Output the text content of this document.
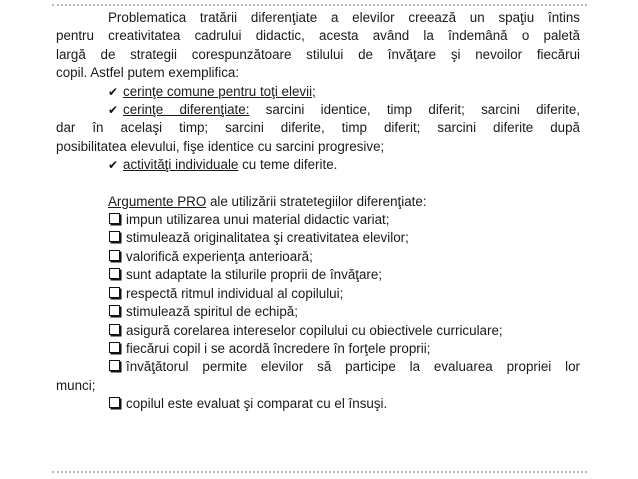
Problematica tratării diferenţiate a elevilor creează un spaţiu întins
pentru creativitatea cadrului didactic, acesta având la îndemână o paletă
largă de strategii corespunzătoare stilului de învăţare şi nevoilor fiecărui
copil. Astfel putem exemplifica:
✔ cerinţe comune pentru toţi elevii;
✔ cerinţe diferenţiate: sarcini identice, timp diferit; sarcini diferite,
dar în acelaşi timp; sarcini diferite, timp diferit; sarcini diferite după
posibilitatea elevului, fişe identice cu sarcini progresive;
✔ activităţi individuale cu teme diferite.
Argumente PRO ale utilizării stratetegiilor diferenţiate:
impun utilizarea unui material didactic variat;
stimulează originalitatea şi creativitatea elevilor;
valorifică experienţa anterioară;
sunt adaptate la stilurile proprii de învăţare;
respectă ritmul individual al copilului;
stimulează spiritul de echipă;
asigură corelarea intereselor copilului cu obiectivele curriculare;
fiecărui copil i se acordă încredere în forţele proprii;
învăţătorul permite elevilor să participe la evaluarea propriei lor
munci;
copilul este evaluat şi comparat cu el însuşi.
